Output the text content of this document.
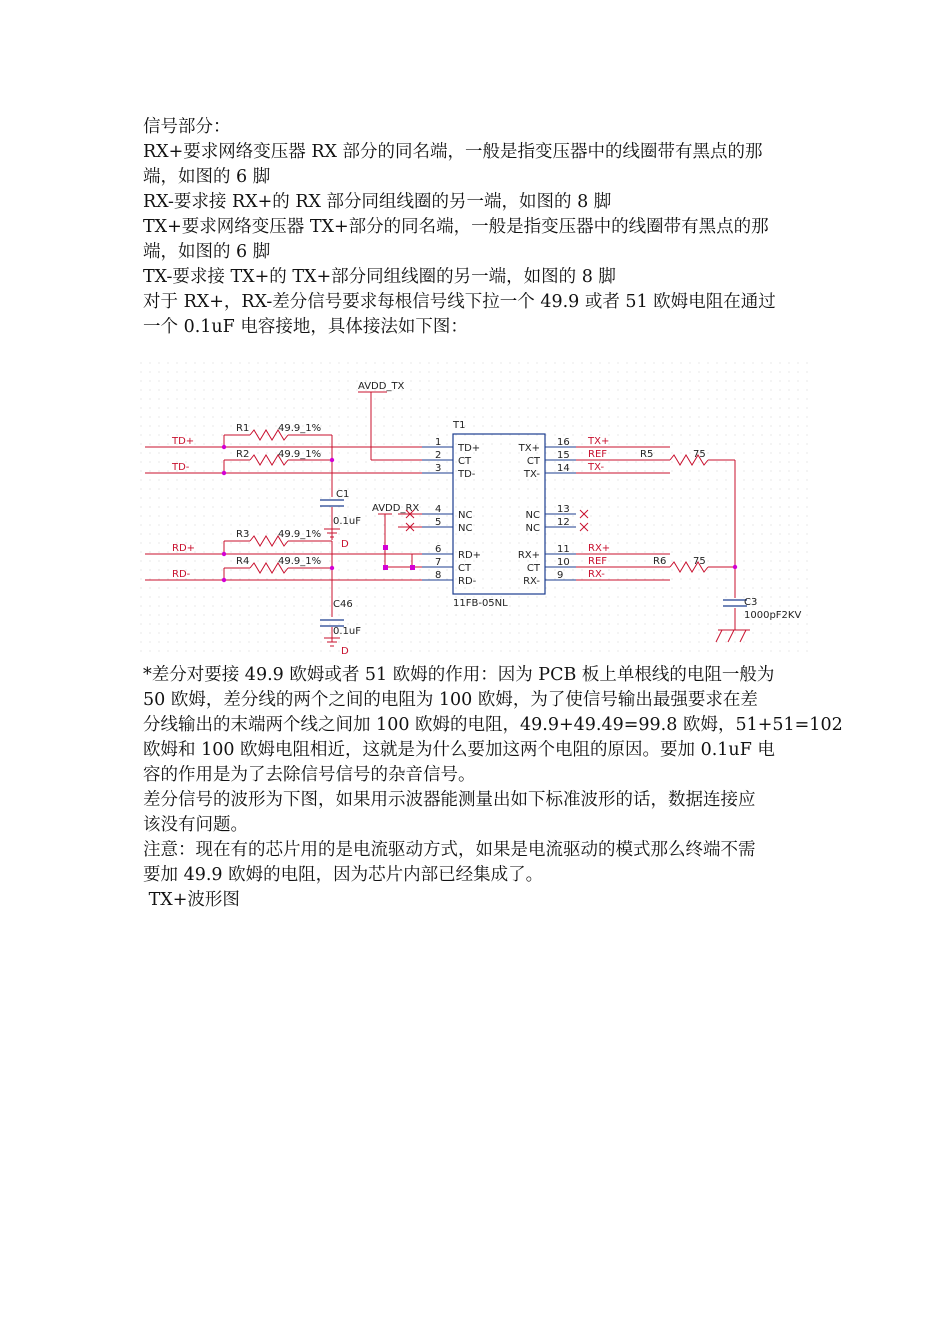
信号部分：
RX+要求网络变压器 RX 部分的同名端，一般是指变压器中的线圈带有黑点的那
端，如图的 6 脚
RX-要求接 RX+的 RX 部分同组线圈的另一端，如图的 8 脚
TX+要求网络变压器 TX+部分的同名端，一般是指变压器中的线圈带有黑点的那
端，如图的 6 脚
TX-要求接 TX+的 TX+部分同组线圈的另一端，如图的 8 脚
对于 RX+，RX-差分信号要求每根信号线下拉一个 49.9 或者 51 欧姆电阻在通过
一个 0.1uF 电容接地，具体接法如下图：
AVDD_TX
T1
11FB-05NL
1
2
3
4
5
6
7
8
TD+
CT
TD-
NC
NC
RD+
CT
RD-
TX+
CT
TX-
NC
NC
RX+
CT
RX-
16
15
14
13
12
11
10
9
C1
0.1uF
D
C46
0.1uF
D
R1	49.9_1%
R2	49.9_1%
R3	49.9_1%
R4	49.9_1%
TD+
TD-
RD+
RD-
AVDD_RX
C3
1000pF2KV
TX+
REF
TX-
RX+
REF
RX-
R5	75
R6	75
*差分对要接 49.9 欧姆或者 51 欧姆的作用：因为 PCB 板上单根线的电阻一般为
50 欧姆，差分线的两个之间的电阻为 100 欧姆，为了使信号输出最强要求在差
分线输出的末端两个线之间加 100 欧姆的电阻，49.9+49.49=99.8 欧姆，51+51=102
欧姆和 100 欧姆电阻相近，这就是为什么要加这两个电阻的原因。要加 0.1uF 电
容的作用是为了去除信号信号的杂音信号。
差分信号的波形为下图，如果用示波器能测量出如下标准波形的话，数据连接应
该没有问题。
注意：现在有的芯片用的是电流驱动方式，如果是电流驱动的模式那么终端不需
要加 49.9 欧姆的电阻，因为芯片内部已经集成了。
TX+波形图
